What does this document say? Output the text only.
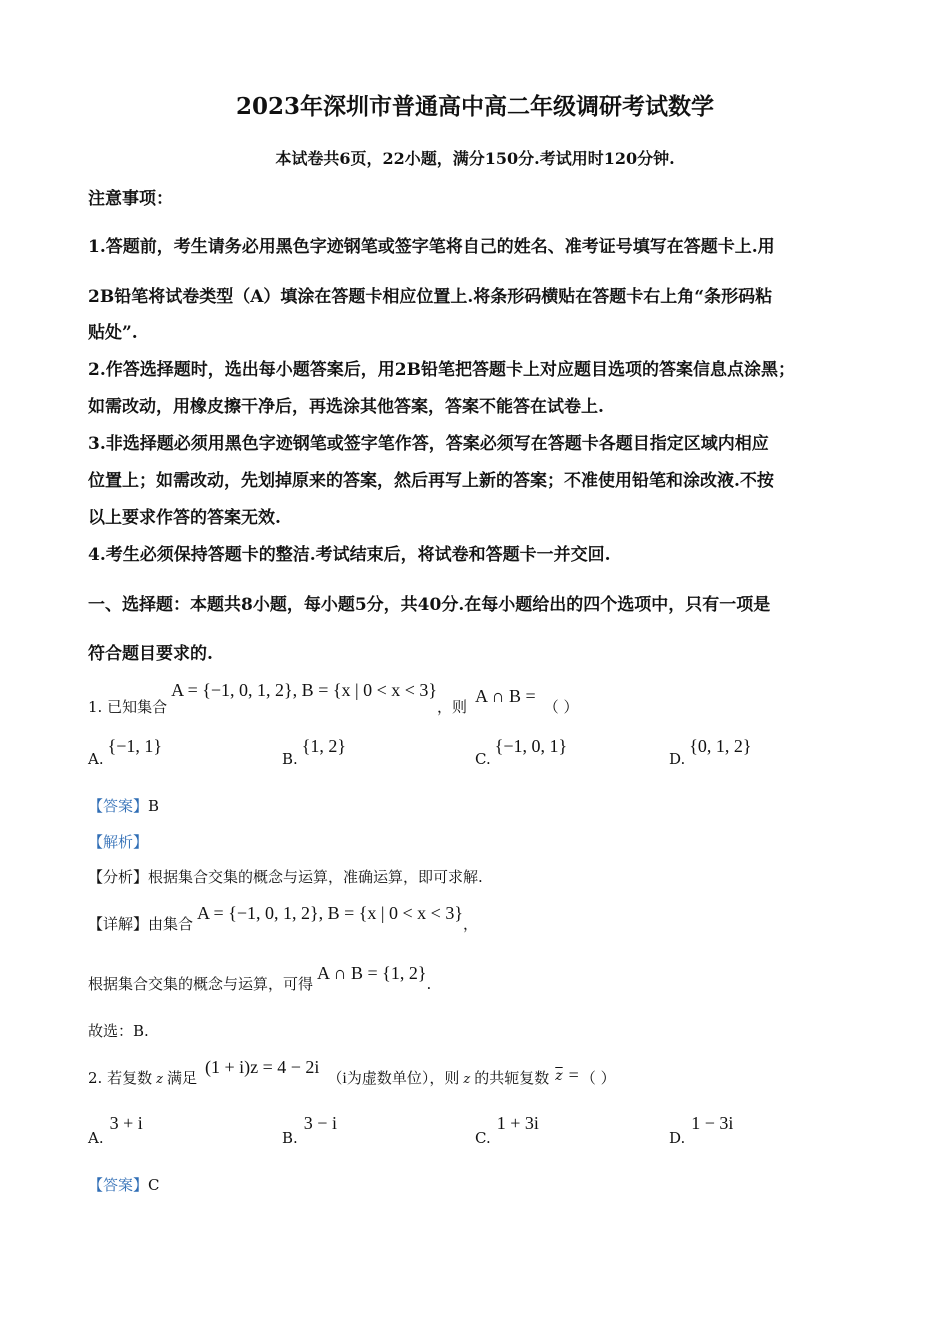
2023年深圳市普通高中高二年级调研考试数学
本试卷共6页，22小题，满分150分.考试用时120分钟.
注意事项：
1.答题前，考生请务必用黑色字迹钢笔或签字笔将自己的姓名、准考证号填写在答题卡上.用
2B铅笔将试卷类型（A）填涂在答题卡相应位置上.将条形码横贴在答题卡右上角“条形码粘
贴处”.
2.作答选择题时，选出每小题答案后，用2B铅笔把答题卡上对应题目选项的答案信息点涂黑；
如需改动，用橡皮擦干净后，再选涂其他答案，答案不能答在试卷上.
3.非选择题必须用黑色字迹钢笔或签字笔作答，答案必须写在答题卡各题目指定区域内相应
位置上；如需改动，先划掉原来的答案，然后再写上新的答案；不准使用铅笔和涂改液.不按
以上要求作答的答案无效.
4.考生必须保持答题卡的整洁.考试结束后，将试卷和答题卡一并交回.
一、选择题：本题共8小题，每小题5分，共40分.在每小题给出的四个选项中，只有一项是
符合题目要求的.
1. 已知集合A = {−1, 0, 1, 2}, B = {x | 0 < x < 3}，则A ∩ B =（ ）
A.{−1, 1}
B.{1, 2}
C.{−1, 0, 1}
D.{0, 1, 2}
【答案】B
【解析】
【分析】根据集合交集的概念与运算，准确运算，即可求解.
【详解】由集合A = {−1, 0, 1, 2}, B = {x | 0 < x < 3}，
根据集合交集的概念与运算，可得A ∩ B = {1, 2}.
故选：B.
2. 若复数 z 满足(1 + i)z = 4 − 2i（i为虚数单位），则 z 的共轭复数 $\overline{z}$ = （ ）
A.3 + i
B.3 − i
C.1 + 3i
D.1 − 3i
【答案】C
